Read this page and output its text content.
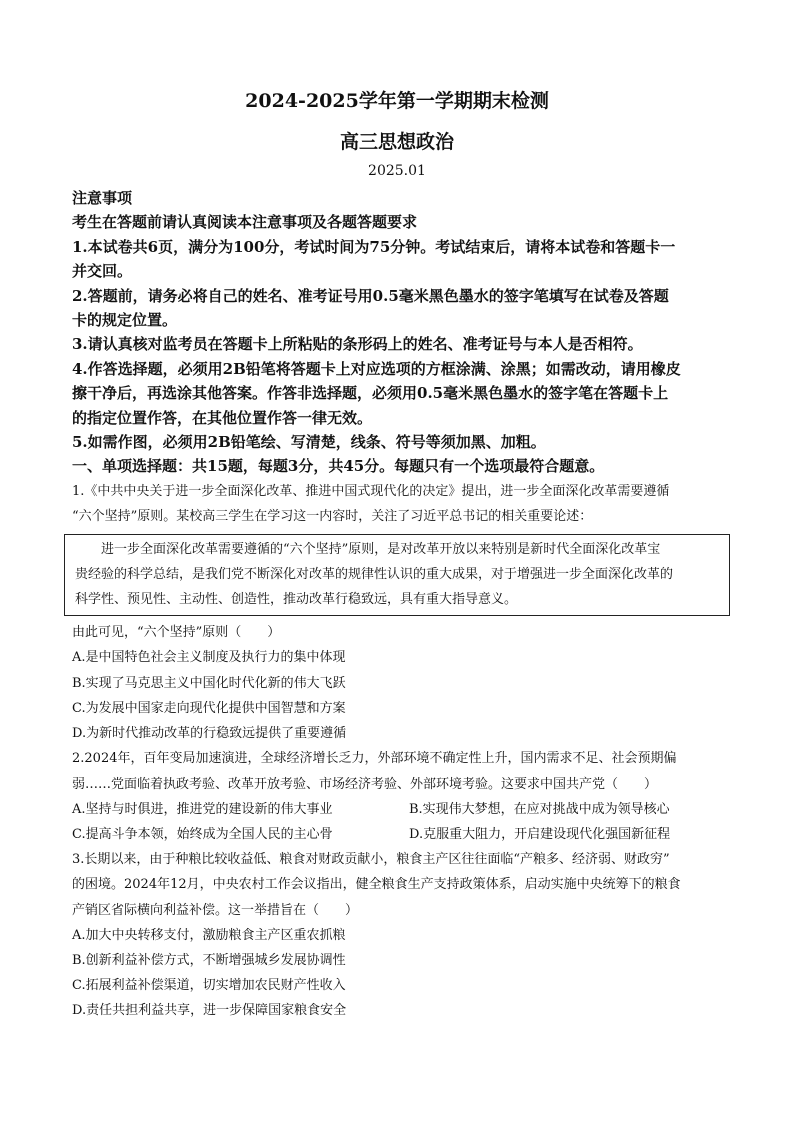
2024-2025学年第一学期期末检测
高三思想政治
2025.01
注意事项
考生在答题前请认真阅读本注意事项及各题答题要求
1.本试卷共6页，满分为100分，考试时间为75分钟。考试结束后，请将本试卷和答题卡一
并交回。
2.答题前，请务必将自己的姓名、准考证号用0.5毫米黑色墨水的签字笔填写在试卷及答题
卡的规定位置。
3.请认真核对监考员在答题卡上所粘贴的条形码上的姓名、准考证号与本人是否相符。
4.作答选择题，必须用2B铅笔将答题卡上对应选项的方框涂满、涂黑；如需改动，请用橡皮
擦干净后，再选涂其他答案。作答非选择题，必须用0.5毫米黑色墨水的签字笔在答题卡上
的指定位置作答，在其他位置作答一律无效。
5.如需作图，必须用2B铅笔绘、写清楚，线条、符号等须加黑、加粗。
一、单项选择题：共15题，每题3分，共45分。每题只有一个选项最符合题意。
1.《中共中央关于进一步全面深化改革、推进中国式现代化的决定》提出，进一步全面深化改革需要遵循
“六个坚持”原则。某校高三学生在学习这一内容时，关注了习近平总书记的相关重要论述：
　　进一步全面深化改革需要遵循的“六个坚持”原则，是对改革开放以来特别是新时代全面深化改革宝
贵经验的科学总结，是我们党不断深化对改革的规律性认识的重大成果，对于增强进一步全面深化改革的
科学性、预见性、主动性、创造性，推动改革行稳致远，具有重大指导意义。
由此可见，“六个坚持”原则（　　）
A.是中国特色社会主义制度及执行力的集中体现
B.实现了马克思主义中国化时代化新的伟大飞跃
C.为发展中国家走向现代化提供中国智慧和方案
D.为新时代推动改革的行稳致远提供了重要遵循
2.2024年，百年变局加速演进，全球经济增长乏力，外部环境不确定性上升，国内需求不足、社会预期偏
弱……党面临着执政考验、改革开放考验、市场经济考验、外部环境考验。这要求中国共产党（　　）
A.坚持与时俱进，推进党的建设新的伟大事业	B.实现伟大梦想，在应对挑战中成为领导核心
C.提高斗争本领，始终成为全国人民的主心骨	D.克服重大阻力，开启建设现代化强国新征程
3.长期以来，由于种粮比较收益低、粮食对财政贡献小，粮食主产区往往面临“产粮多、经济弱、财政穷”
的困境。2024年12月，中央农村工作会议指出，健全粮食生产支持政策体系，启动实施中央统筹下的粮食
产销区省际横向利益补偿。这一举措旨在（　　）
A.加大中央转移支付，激励粮食主产区重农抓粮
B.创新利益补偿方式，不断增强城乡发展协调性
C.拓展利益补偿渠道，切实增加农民财产性收入
D.责任共担利益共享，进一步保障国家粮食安全
